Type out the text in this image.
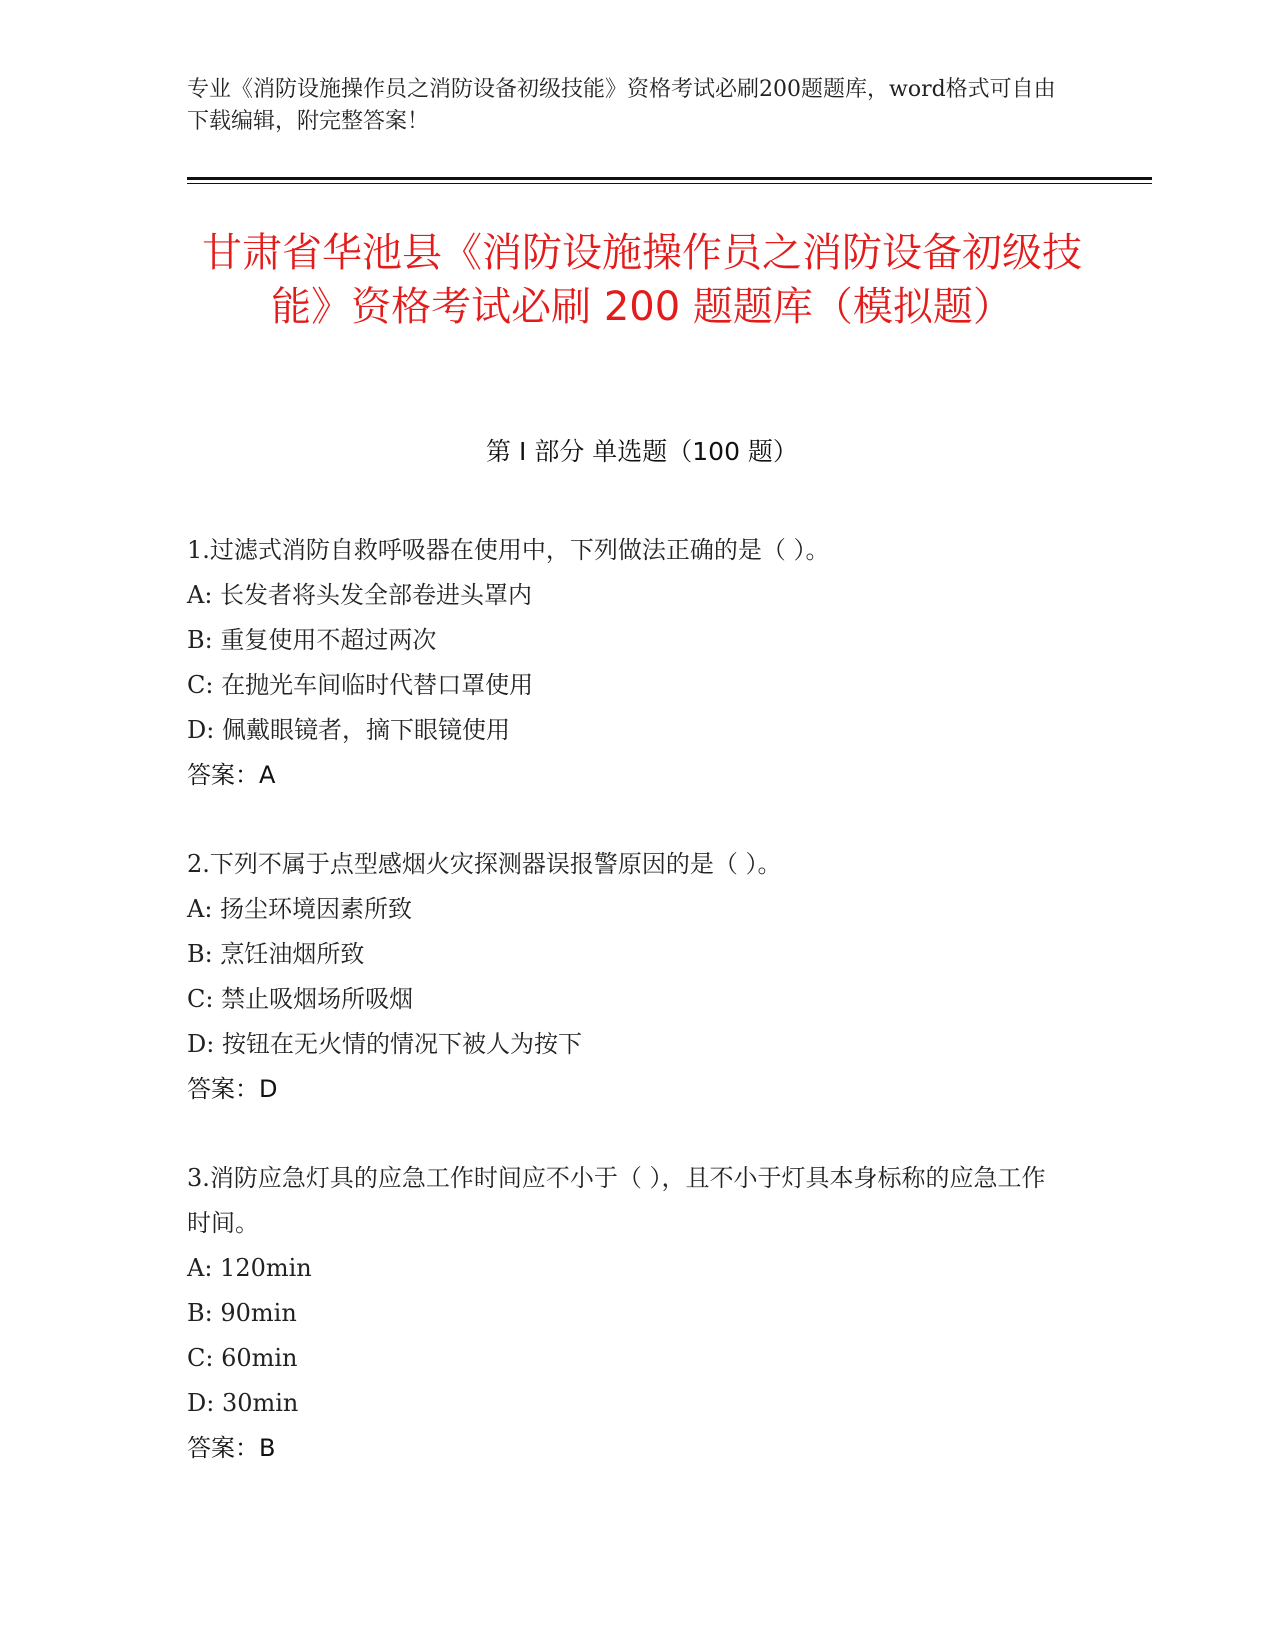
专业《消防设施操作员之消防设备初级技能》资格考试必刷200题题库，word格式可自由下载编辑，附完整答案！
甘肃省华池县《消防设施操作员之消防设备初级技能》资格考试必刷 200 题题库（模拟题）
第 I 部分 单选题（100 题）

1.过滤式消防自救呼吸器在使用中，下列做法正确的是（ ）。

A: 长发者将头发全部卷进头罩内

B: 重复使用不超过两次

C: 在抛光车间临时代替口罩使用

D: 佩戴眼镜者，摘下眼镜使用

答案：A

2.下列不属于点型感烟火灾探测器误报警原因的是（ ）。

A: 扬尘环境因素所致

B: 烹饪油烟所致

C: 禁止吸烟场所吸烟

D: 按钮在无火情的情况下被人为按下

答案：D

3.消防应急灯具的应急工作时间应不小于（ ），且不小于灯具本身标称的应急工作时间。

A: 120min

B: 90min

C: 60min

D: 30min

答案：B
